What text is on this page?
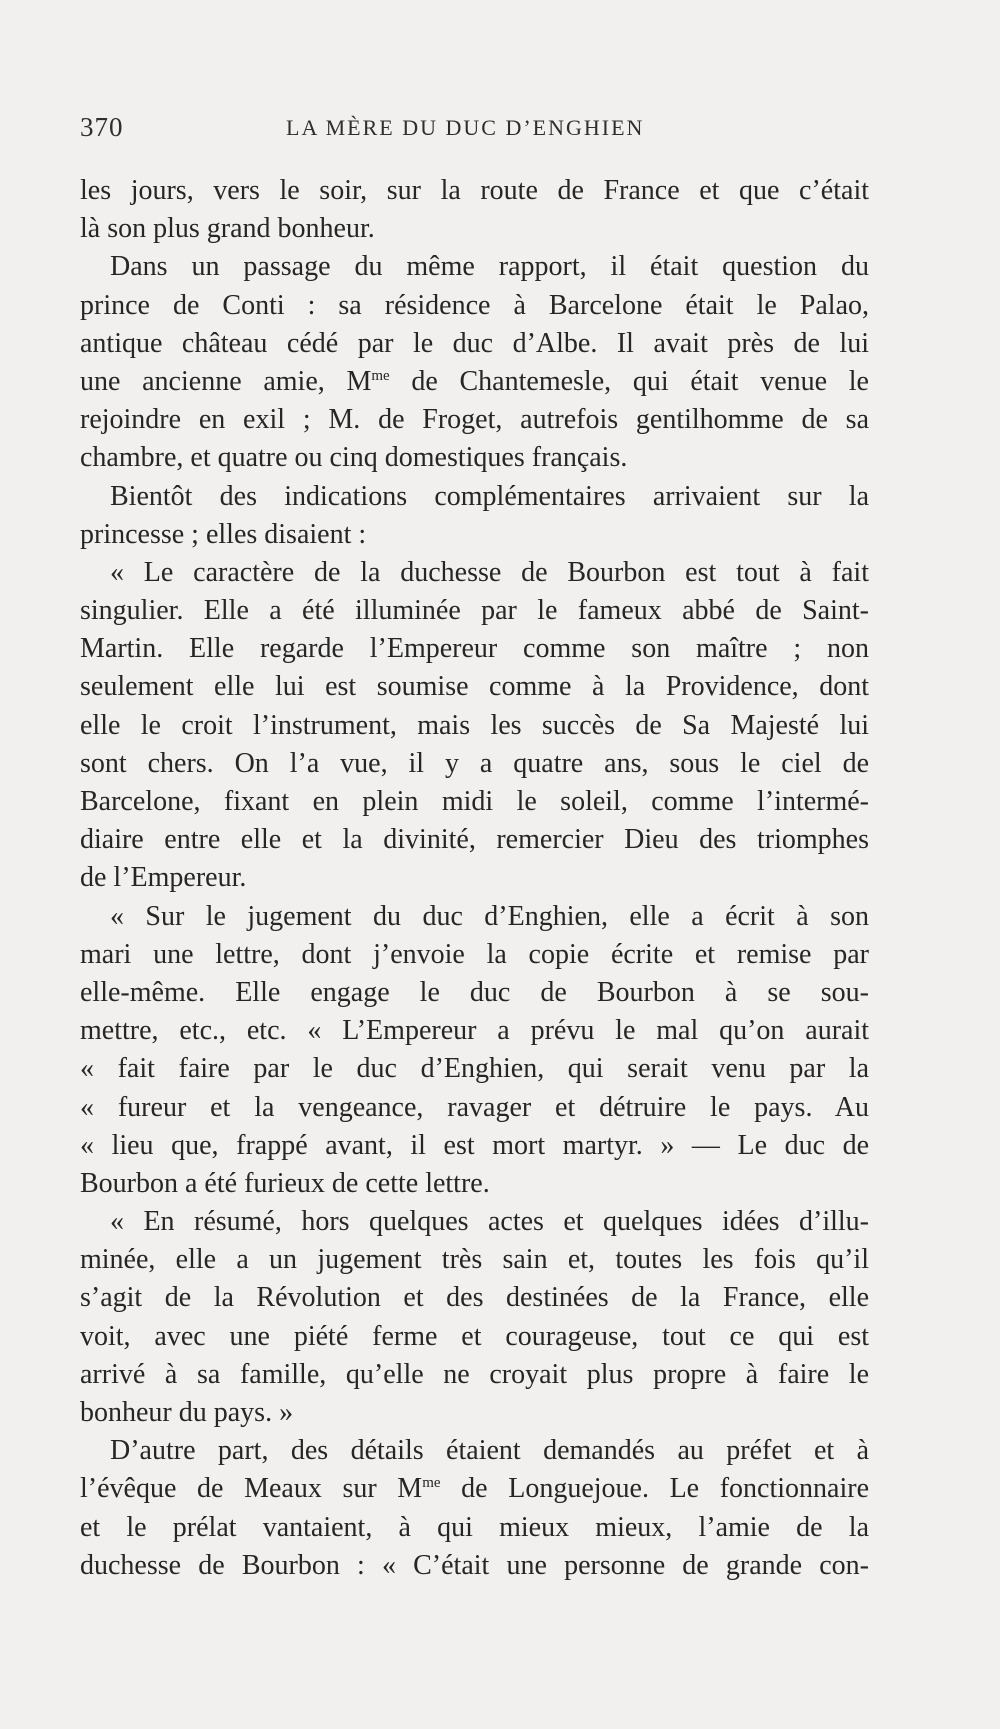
370	LA MÈRE DU DUC D’ENGHIEN
les jours, vers le soir, sur la route de France et que c’était
là son plus grand bonheur.
Dans un passage du même rapport, il était question du
prince de Conti : sa résidence à Barcelone était le Palao,
antique château cédé par le duc d’Albe. Il avait près de lui
une ancienne amie, $M^{me}$ de Chantemesle, qui était venue le
rejoindre en exil ; M. de Froget, autrefois gentilhomme de sa
chambre, et quatre ou cinq domestiques français.
Bientôt des indications complémentaires arrivaient sur la
princesse ; elles disaient :
« Le caractère de la duchesse de Bourbon est tout à fait
singulier. Elle a été illuminée par le fameux abbé de Saint-
Martin. Elle regarde l’Empereur comme son maître ; non
seulement elle lui est soumise comme à la Providence, dont
elle le croit l’instrument, mais les succès de Sa Majesté lui
sont chers. On l’a vue, il y a quatre ans, sous le ciel de
Barcelone, fixant en plein midi le soleil, comme l’intermé-
diaire entre elle et la divinité, remercier Dieu des triomphes
de l’Empereur.
« Sur le jugement du duc d’Enghien, elle a écrit à son
mari une lettre, dont j’envoie la copie écrite et remise par
elle-même. Elle engage le duc de Bourbon à se sou-
mettre, etc., etc. « L’Empereur a prévu le mal qu’on aurait
« fait faire par le duc d’Enghien, qui serait venu par la
« fureur et la vengeance, ravager et détruire le pays. Au
« lieu que, frappé avant, il est mort martyr. » — Le duc de
Bourbon a été furieux de cette lettre.
« En résumé, hors quelques actes et quelques idées d’illu-
minée, elle a un jugement très sain et, toutes les fois qu’il
s’agit de la Révolution et des destinées de la France, elle
voit, avec une piété ferme et courageuse, tout ce qui est
arrivé à sa famille, qu’elle ne croyait plus propre à faire le
bonheur du pays. »
D’autre part, des détails étaient demandés au préfet et à
l’évêque de Meaux sur $M^{me}$ de Longuejoue. Le fonctionnaire
et le prélat vantaient, à qui mieux mieux, l’amie de la
duchesse de Bourbon : « C’était une personne de grande con-
